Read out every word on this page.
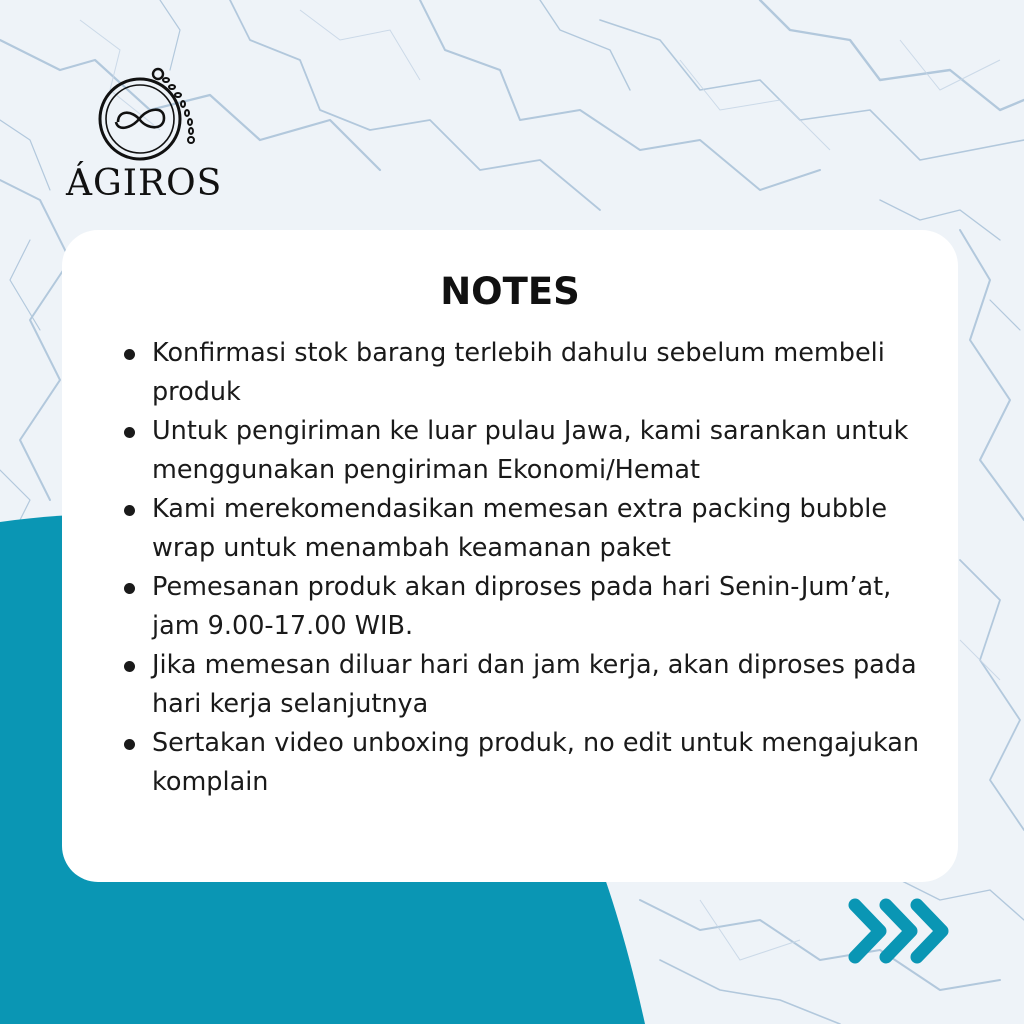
ÁGIROS
NOTES
Konfirmasi stok barang terlebih dahulu sebelum membeli produk
Untuk pengiriman ke luar pulau Jawa, kami sarankan untuk menggunakan pengiriman Ekonomi/Hemat
Kami merekomendasikan memesan extra packing bubble wrap untuk menambah keamanan paket
Pemesanan produk akan diproses pada hari Senin-Jum’at, jam 9.00-17.00 WIB.
Jika memesan diluar hari dan jam kerja, akan diproses pada hari kerja selanjutnya
Sertakan video unboxing produk, no edit untuk mengajukan komplain
